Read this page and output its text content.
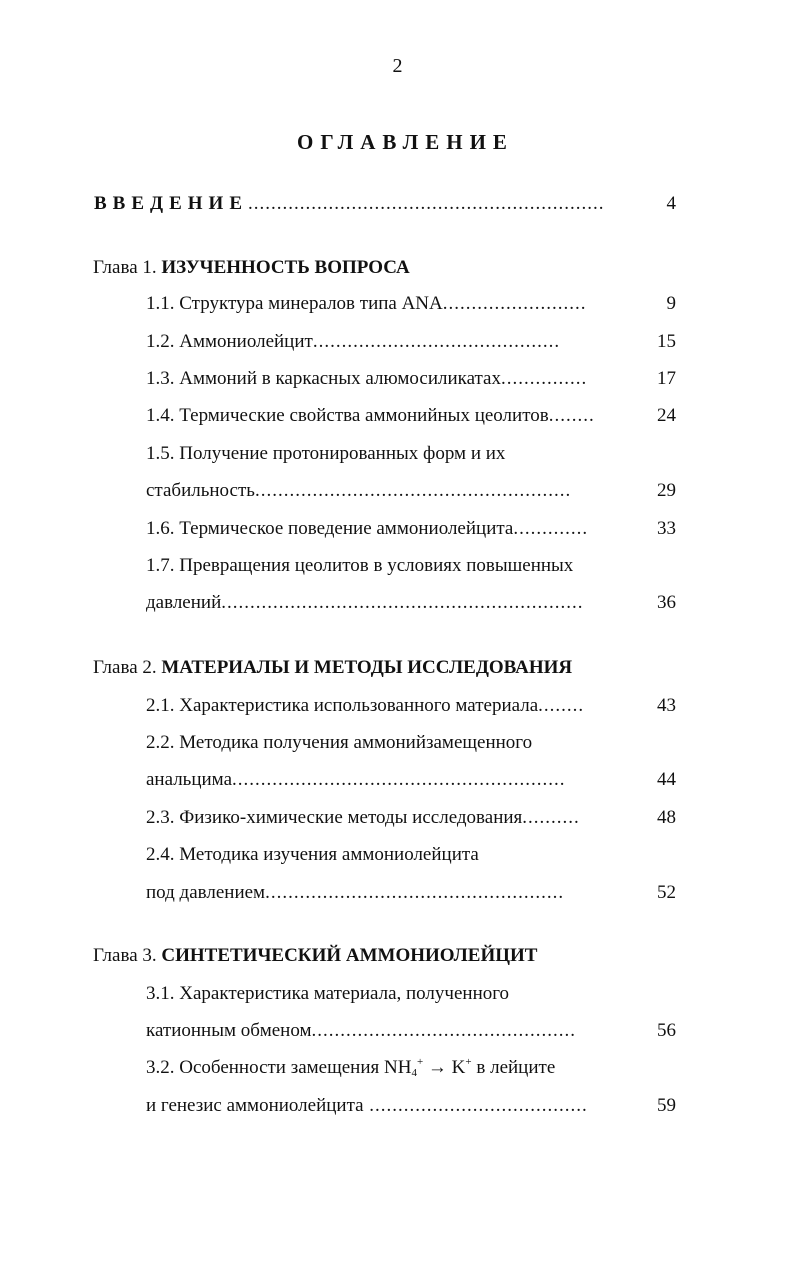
2
ОГЛАВЛЕНИЕ
ВВЕДЕНИЕ..............................................................	4
Глава 1. ИЗУЧЕННОСТЬ ВОПРОСА
1.1. Структура минералов типа ANA.........................	9
1.2. Аммониолейцит...........................................	15
1.3. Аммоний в каркасных алюмосиликатах...............	17
1.4. Термические свойства аммонийных цеолитов........	24
1.5. Получение протонированных форм и их
стабильность.......................................................	29
1.6. Термическое поведение аммониолейцита.............	33
1.7. Превращения цеолитов в условиях повышенных
давлений...............................................................	36
Глава 2. МАТЕРИАЛЫ И МЕТОДЫ ИССЛЕДОВАНИЯ
2.1. Характеристика использованного материала........	43
2.2. Методика получения аммонийзамещенного
анальцима..........................................................	44
2.3. Физико-химические методы исследования..........	48
2.4. Методика изучения аммониолейцита
под давлением....................................................	52
Глава 3. СИНТЕТИЧЕСКИЙ АММОНИОЛЕЙЦИТ
3.1. Характеристика материала, полученного
катионным обменом..............................................	56
3.2. Особенности замещения $NH_4^+ \to K^+$ в лейците
и генезис аммониолейцита ......................................	59
